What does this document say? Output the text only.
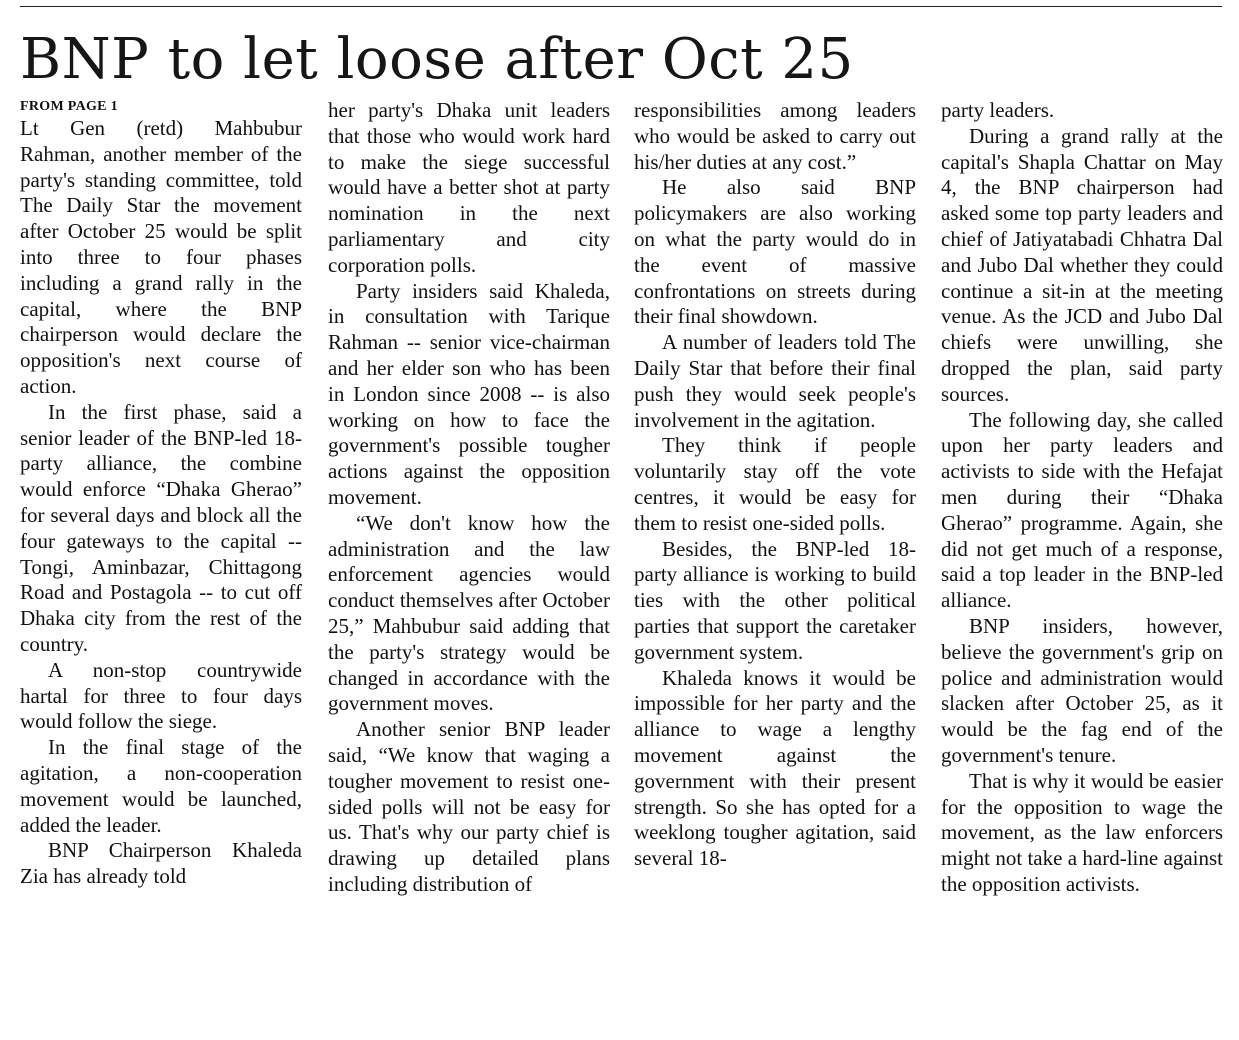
BNP to let loose after Oct 25
FROM PAGE 1

Lt Gen (retd) Mahbubur Rahman, another member of the party's standing committee, told The Daily Star the movement after October 25 would be split into three to four phases including a grand rally in the capital, where the BNP chairperson would declare the opposition's next course of action.

In the first phase, said a senior leader of the BNP-led 18-party alliance, the combine would enforce “Dhaka Gherao” for several days and block all the four gateways to the capital -- Tongi, Aminbazar, Chittagong Road and Postagola -- to cut off Dhaka city from the rest of the country.

A non-stop countrywide hartal for three to four days would follow the siege.

In the final stage of the agitation, a non-cooperation movement would be launched, added the leader.

BNP Chairperson Khaleda Zia has already told

her party's Dhaka unit leaders that those who would work hard to make the siege successful would have a better shot at party nomination in the next parliamentary and city corporation polls.

Party insiders said Khaleda, in consultation with Tarique Rahman -- senior vice-chairman and her elder son who has been in London since 2008 -- is also working on how to face the government's possible tougher actions against the opposition movement.

“We don't know how the administration and the law enforcement agencies would conduct themselves after October 25,” Mahbubur said adding that the party's strategy would be changed in accordance with the government moves.

Another senior BNP leader said, “We know that waging a tougher movement to resist one-sided polls will not be easy for us. That's why our party chief is drawing up detailed plans including distribution of

responsibilities among leaders who would be asked to carry out his/her duties at any cost.”

He also said BNP policymakers are also working on what the party would do in the event of massive confrontations on streets during their final showdown.

A number of leaders told The Daily Star that before their final push they would seek people's involvement in the agitation.

They think if people voluntarily stay off the vote centres, it would be easy for them to resist one-sided polls.

Besides, the BNP-led 18-party alliance is working to build ties with the other political parties that support the caretaker government system.

Khaleda knows it would be impossible for her party and the alliance to wage a lengthy movement against the government with their present strength. So she has opted for a weeklong tougher agitation, said several 18-

party leaders.

During a grand rally at the capital's Shapla Chattar on May 4, the BNP chairperson had asked some top party leaders and chief of Jatiyatabadi Chhatra Dal and Jubo Dal whether they could continue a sit-in at the meeting venue. As the JCD and Jubo Dal chiefs were unwilling, she dropped the plan, said party sources.

The following day, she called upon her party leaders and activists to side with the Hefajat men during their “Dhaka Gherao” programme. Again, she did not get much of a response, said a top leader in the BNP-led alliance.

BNP insiders, however, believe the government's grip on police and administration would slacken after October 25, as it would be the fag end of the government's tenure.

That is why it would be easier for the opposition to wage the movement, as the law enforcers might not take a hard-line against the opposition activists.
